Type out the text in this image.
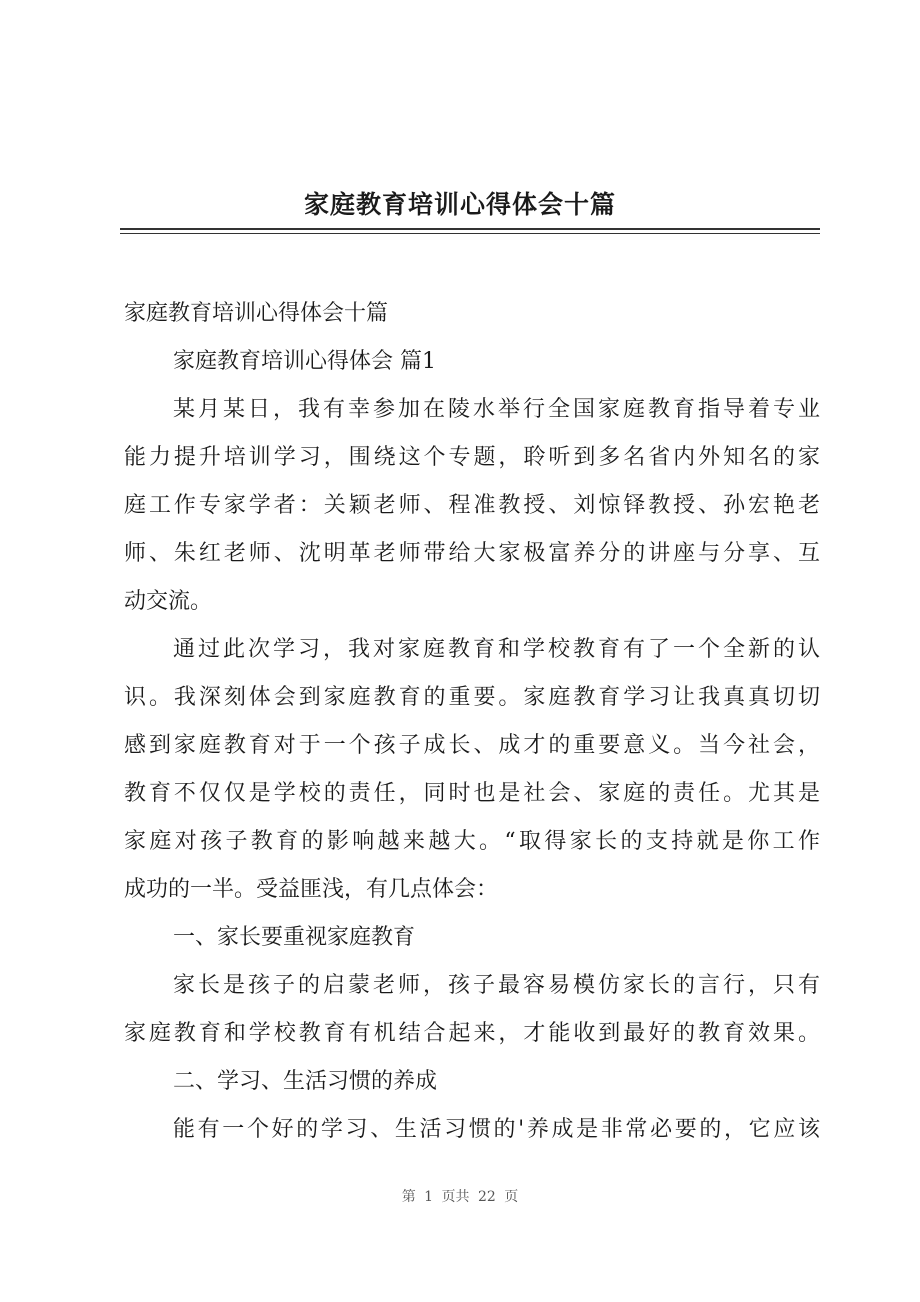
家庭教育培训心得体会十篇

家庭教育培训心得体会十篇

家庭教育培训心得体会 篇1

某月某日，我有幸参加在陵水举行全国家庭教育指导着专业

能力提升培训学习，围绕这个专题，聆听到多名省内外知名的家

庭工作专家学者：关颖老师、程准教授、刘惊铎教授、孙宏艳老

师、朱红老师、沈明革老师带给大家极富养分的讲座与分享、互

动交流。

通过此次学习，我对家庭教育和学校教育有了一个全新的认

识。我深刻体会到家庭教育的重要。家庭教育学习让我真真切切

感到家庭教育对于一个孩子成长、成才的重要意义。当今社会，

教育不仅仅是学校的责任，同时也是社会、家庭的责任。尤其是

家庭对孩子教育的影响越来越大。“取得家长的支持就是你工作

成功的一半。受益匪浅，有几点体会：

一、家长要重视家庭教育

家长是孩子的启蒙老师，孩子最容易模仿家长的言行，只有

家庭教育和学校教育有机结合起来，才能收到最好的教育效果。

二、学习、生活习惯的养成

能有一个好的学习、生活习惯的'养成是非常必要的，它应该

第 1 页共 22 页
